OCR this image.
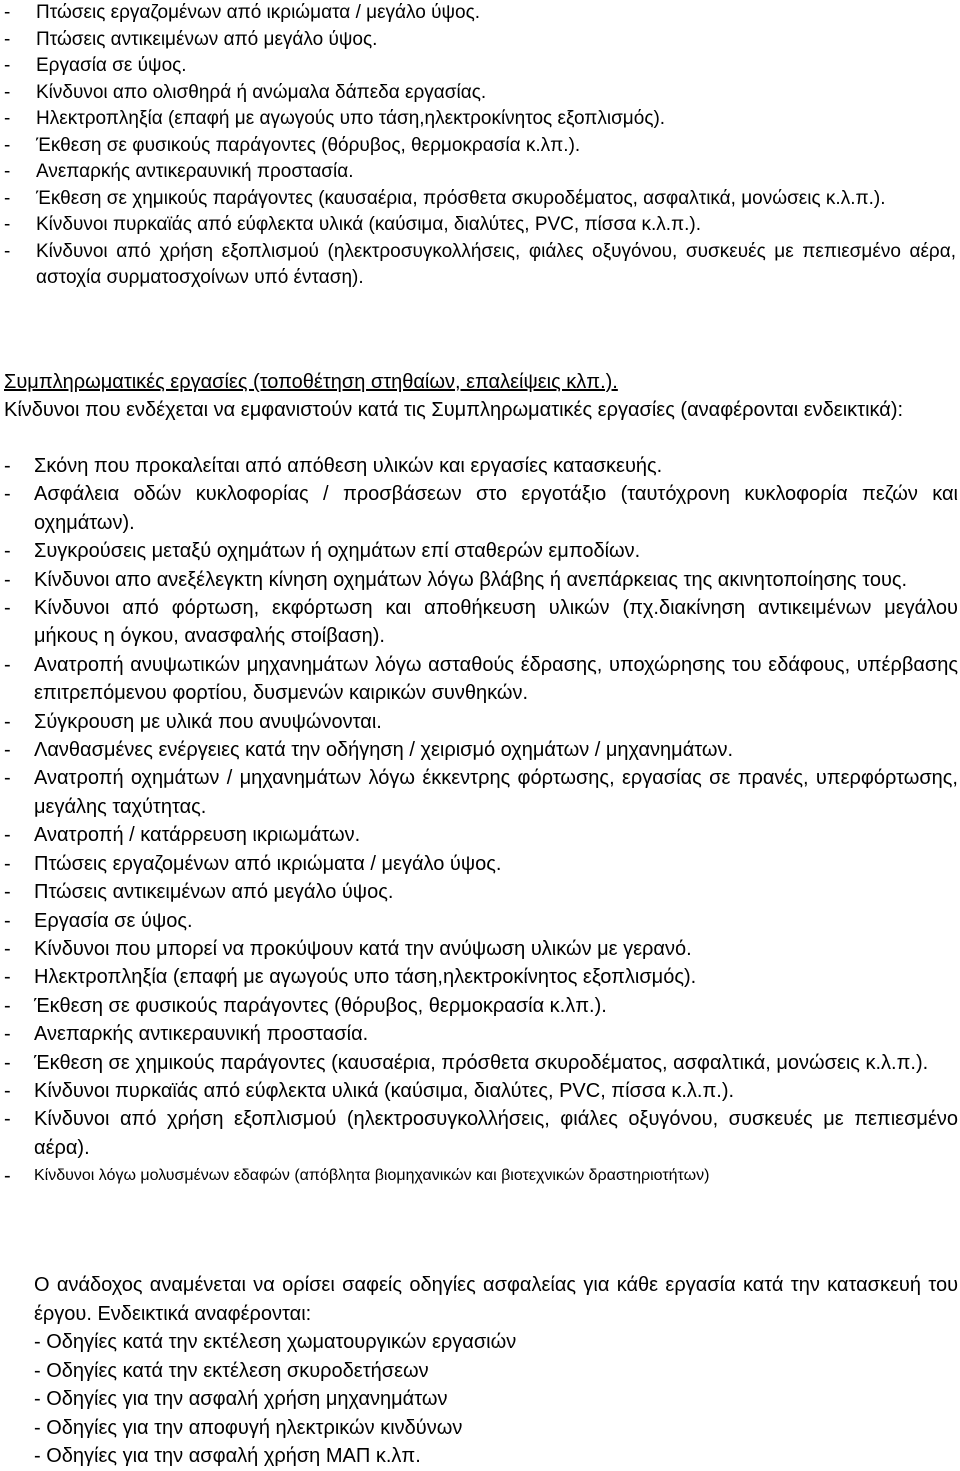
- Πτώσεις εργαζομένων από ικριώματα / μεγάλο ύψος.
- Πτώσεις αντικειμένων από μεγάλο ύψος.
- Εργασία σε ύψος.
- Κίνδυνοι απο ολισθηρά ή ανώμαλα δάπεδα εργασίας.
- Ηλεκτροπληξία (επαφή με αγωγούς υπο τάση,ηλεκτροκίνητος εξοπλισμός).
- Έκθεση σε φυσικούς παράγοντες (θόρυβος, θερμοκρασία κ.λπ.).
- Ανεπαρκής αντικεραυνική προστασία.
- Έκθεση σε χημικούς παράγοντες (καυσαέρια, πρόσθετα σκυροδέματος, ασφαλτικά, μονώσεις κ.λ.π.).
- Κίνδυνοι πυρκαϊάς από εύφλεκτα υλικά (καύσιμα, διαλύτες, PVC, πίσσα κ.λ.π.).
- Κίνδυνοι από χρήση εξοπλισμού (ηλεκτροσυγκολλήσεις, φιάλες οξυγόνου, συσκευές με πεπιεσμένο αέρα, αστοχία συρματοσχοίνων υπό ένταση).
Συμπληρωματικές εργασίες (τοποθέτηση στηθαίων, επαλείψεις κλπ.).
Κίνδυνοι που ενδέχεται να εμφανιστούν κατά τις Συμπληρωματικές εργασίες (αναφέρονται ενδεικτικά):
- Σκόνη που προκαλείται από απόθεση υλικών και εργασίες κατασκευής.
- Ασφάλεια οδών κυκλοφορίας / προσβάσεων στο εργοτάξιο (ταυτόχρονη κυκλοφορία πεζών και οχημάτων).
- Συγκρούσεις μεταξύ οχημάτων ή οχημάτων επί σταθερών εμποδίων.
- Κίνδυνοι απο ανεξέλεγκτη κίνηση οχημάτων λόγω βλάβης ή ανεπάρκειας της ακινητοποίησης τους.
- Κίνδυνοι από φόρτωση, εκφόρτωση και αποθήκευση υλικών (πχ.διακίνηση αντικειμένων μεγάλου μήκους η όγκου, ανασφαλής στοίβαση).
- Ανατροπή ανυψωτικών μηχανημάτων λόγω ασταθούς έδρασης, υποχώρησης του εδάφους, υπέρβασης επιτρεπόμενου φορτίου, δυσμενών καιρικών συνθηκών.
- Σύγκρουση με υλικά που ανυψώνονται.
- Λανθασμένες ενέργειες κατά την οδήγηση / χειρισμό οχημάτων / μηχανημάτων.
- Ανατροπή οχημάτων / μηχανημάτων λόγω έκκεντρης φόρτωσης, εργασίας σε πρανές, υπερφόρτωσης, μεγάλης ταχύτητας.
- Ανατροπή / κατάρρευση ικριωμάτων.
- Πτώσεις εργαζομένων από ικριώματα / μεγάλο ύψος.
- Πτώσεις αντικειμένων από μεγάλο ύψος.
- Εργασία σε ύψος.
- Κίνδυνοι που μπορεί να προκύψουν κατά την ανύψωση υλικών με γερανό.
- Ηλεκτροπληξία (επαφή με αγωγούς υπο τάση,ηλεκτροκίνητος εξοπλισμός).
- Έκθεση σε φυσικούς παράγοντες (θόρυβος, θερμοκρασία κ.λπ.).
- Ανεπαρκής αντικεραυνική προστασία.
- Έκθεση σε χημικούς παράγοντες (καυσαέρια, πρόσθετα σκυροδέματος, ασφαλτικά, μονώσεις κ.λ.π.).
- Κίνδυνοι πυρκαϊάς από εύφλεκτα υλικά (καύσιμα, διαλύτες, PVC, πίσσα κ.λ.π.).
- Κίνδυνοι από χρήση εξοπλισμού (ηλεκτροσυγκολλήσεις, φιάλες οξυγόνου, συσκευές με πεπιεσμένο αέρα).
- Κίνδυνοι λόγω μολυσμένων εδαφών (απόβλητα βιομηχανικών και βιοτεχνικών δραστηριοτήτων)
Ο ανάδοχος αναμένεται να ορίσει σαφείς οδηγίες ασφαλείας για κάθε εργασία κατά την κατασκευή του έργου. Ενδεικτικά αναφέρονται:
- Οδηγίες κατά την εκτέλεση χωματουργικών εργασιών
- Οδηγίες κατά την εκτέλεση σκυροδετήσεων
- Οδηγίες για την ασφαλή χρήση μηχανημάτων
- Οδηγίες για την αποφυγή ηλεκτρικών κινδύνων
- Οδηγίες για την ασφαλή χρήση ΜΑΠ κ.λπ.
